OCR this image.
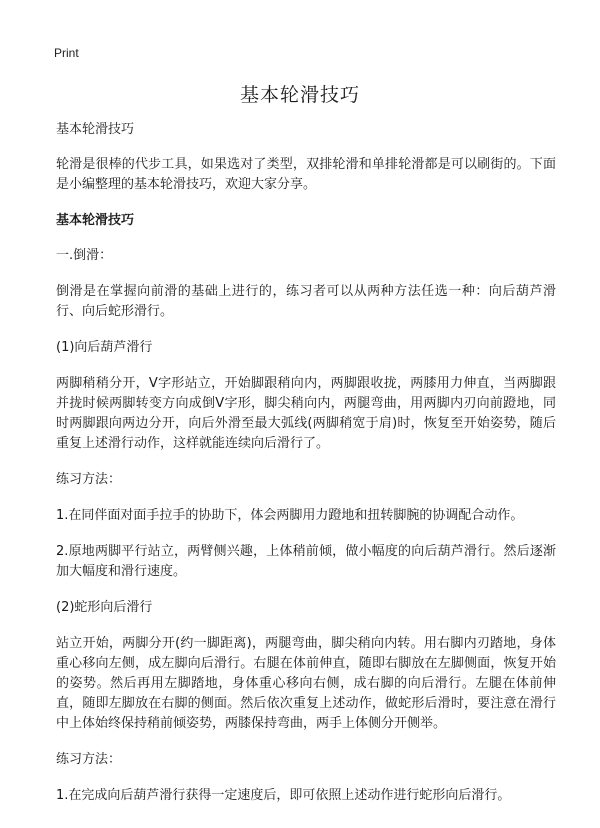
Print
基本轮滑技巧

基本轮滑技巧

轮滑是很棒的代步工具，如果选对了类型，双排轮滑和单排轮滑都是可以刷街的。下面是小编整理的基本轮滑技巧，欢迎大家分享。

基本轮滑技巧

一.倒滑：

倒滑是在掌握向前滑的基础上进行的，练习者可以从两种方法任选一种：向后葫芦滑行、向后蛇形滑行。

(1)向后葫芦滑行

两脚稍稍分开，V字形站立，开始脚跟稍向内，两脚跟收拢，两膝用力伸直，当两脚跟并拢时候两脚转变方向成倒V字形，脚尖稍向内，两腿弯曲，用两脚内刃向前蹬地，同时两脚跟向两边分开，向后外滑至最大弧线(两脚稍宽于肩)时，恢复至开始姿势，随后重复上述滑行动作，这样就能连续向后滑行了。

练习方法：

1.在同伴面对面手拉手的协助下，体会两脚用力蹬地和扭转脚腕的协调配合动作。

2.原地两脚平行站立，两臂侧兴趣，上体稍前倾，做小幅度的向后葫芦滑行。然后逐渐加大幅度和滑行速度。

(2)蛇形向后滑行

站立开始，两脚分开(约一脚距离)，两腿弯曲，脚尖稍向内转。用右脚内刃踏地，身体重心移向左侧，成左脚向后滑行。右腿在体前伸直，随即右脚放在左脚侧面，恢复开始的姿势。然后再用左脚踏地，身体重心移向右侧，成右脚的向后滑行。左腿在体前伸直，随即左脚放在右脚的侧面。然后依次重复上述动作，做蛇形后滑时，要注意在滑行中上体始终保持稍前倾姿势，两膝保持弯曲，两手上体侧分开侧举。

练习方法：

1.在完成向后葫芦滑行获得一定速度后，即可依照上述动作进行蛇形向后滑行。
